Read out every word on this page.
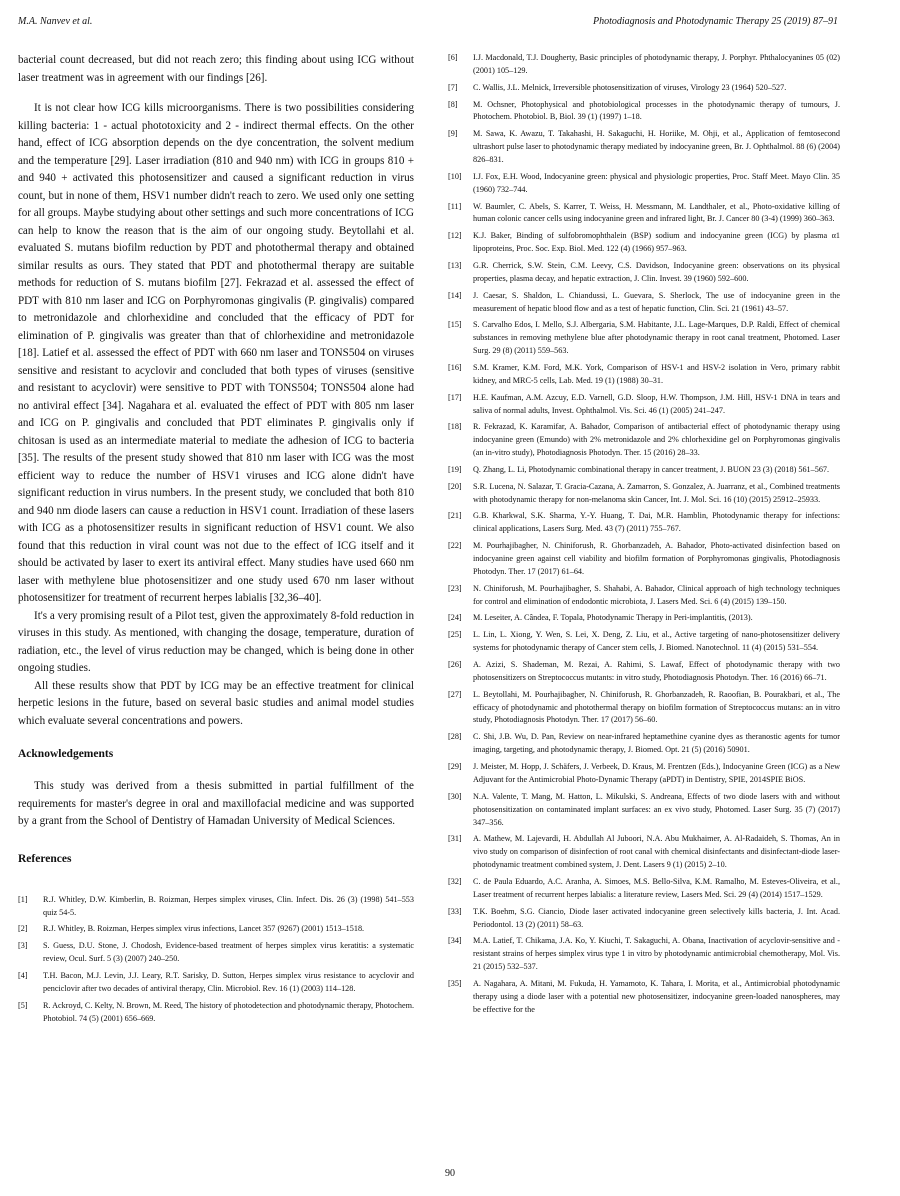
M.A. Nanvev et al.	Photodiagnosis and Photodynamic Therapy 25 (2019) 87–91

bacterial count decreased, but did not reach zero; this finding about using ICG without laser treatment was in agreement with our findings [26].

It is not clear how ICG kills microorganisms. There is two possibilities considering killing bacteria: 1 - actual phototoxicity and 2 - indirect thermal effects. On the other hand, effect of ICG absorption depends on the dye concentration, the solvent medium and the temperature [29]. Laser irradiation (810 and 940 nm) with ICG in groups 810 + and 940 + activated this photosensitizer and caused a significant reduction in virus count, but in none of them, HSV1 number didn't reach to zero. We used only one setting for all groups. Maybe studying about other settings and such more concentrations of ICG can help to know the reason that is the aim of our ongoing study. Beytollahi et al. evaluated S. mutans biofilm reduction by PDT and photothermal therapy and obtained similar results as ours. They stated that PDT and photothermal therapy are suitable methods for reduction of S. mutans biofilm [27]. Fekrazad et al. assessed the effect of PDT with 810 nm laser and ICG on Porphyromonas gingivalis (P. gingivalis) compared to metronidazole and chlorhexidine and concluded that the efficacy of PDT for elimination of P. gingivalis was greater than that of chlorhexidine and metronidazole [18]. Latief et al. assessed the effect of PDT with 660 nm laser and TONS504 on viruses sensitive and resistant to acyclovir and concluded that both types of viruses (sensitive and resistant to acyclovir) were sensitive to PDT with TONS504; TONS504 alone had no antiviral effect [34]. Nagahara et al. evaluated the effect of PDT with 805 nm laser and ICG on P. gingivalis and concluded that PDT eliminates P. gingivalis only if chitosan is used as an intermediate material to mediate the adhesion of ICG to bacteria [35]. The results of the present study showed that 810 nm laser with ICG was the most efficient way to reduce the number of HSV1 viruses and ICG alone didn't have significant reduction in virus numbers. In the present study, we concluded that both 810 and 940 nm diode lasers can cause a reduction in HSV1 count. Irradiation of these lasers with ICG as a photosensitizer results in significant reduction of HSV1 count. We also found that this reduction in viral count was not due to the effect of ICG itself and it should be activated by laser to exert its antiviral effect. Many studies have used 660 nm laser with methylene blue photosensitizer and one study used 670 nm laser without photosensitizer for treatment of recurrent herpes labialis [32,36–40].

It's a very promising result of a Pilot test, given the approximately 8-fold reduction in viruses in this study. As mentioned, with changing the dosage, temperature, duration of radiation, etc., the level of virus reduction may be changed, which is being done in other ongoing studies.

All these results show that PDT by ICG may be an effective treatment for clinical herpetic lesions in the future, based on several basic studies and animal model studies which evaluate several concentrations and powers.

Acknowledgements

This study was derived from a thesis submitted in partial fulfillment of the requirements for master's degree in oral and maxillofacial medicine and was supported by a grant from the School of Dentistry of Hamadan University of Medical Sciences.

References
[1]	R.J. Whitley, D.W. Kimberlin, B. Roizman, Herpes simplex viruses, Clin. Infect. Dis. 26 (3) (1998) 541–553 quiz 54-5.
[2]	R.J. Whitley, B. Roizman, Herpes simplex virus infections, Lancet 357 (9267) (2001) 1513–1518.
[3]	S. Guess, D.U. Stone, J. Chodosh, Evidence-based treatment of herpes simplex virus keratitis: a systematic review, Ocul. Surf. 5 (3) (2007) 240–250.
[4]	T.H. Bacon, M.J. Levin, J.J. Leary, R.T. Sarisky, D. Sutton, Herpes simplex virus resistance to acyclovir and penciclovir after two decades of antiviral therapy, Clin. Microbiol. Rev. 16 (1) (2003) 114–128.
[5]	R. Ackroyd, C. Kelty, N. Brown, M. Reed, The history of photodetection and photodynamic therapy, Photochem. Photobiol. 74 (5) (2001) 656–669.
[6]	I.J. Macdonald, T.J. Dougherty, Basic principles of photodynamic therapy, J. Porphyr. Phthalocyanines 05 (02) (2001) 105–129.
[7]	C. Wallis, J.L. Melnick, Irreversible photosensitization of viruses, Virology 23 (1964) 520–527.
[8]	M. Ochsner, Photophysical and photobiological processes in the photodynamic therapy of tumours, J. Photochem. Photobiol. B, Biol. 39 (1) (1997) 1–18.
[9]	M. Sawa, K. Awazu, T. Takahashi, H. Sakaguchi, H. Horiike, M. Ohji, et al., Application of femtosecond ultrashort pulse laser to photodynamic therapy mediated by indocyanine green, Br. J. Ophthalmol. 88 (6) (2004) 826–831.
[10]	I.J. Fox, E.H. Wood, Indocyanine green: physical and physiologic properties, Proc. Staff Meet. Mayo Clin. 35 (1960) 732–744.
[11]	W. Baumler, C. Abels, S. Karrer, T. Weiss, H. Messmann, M. Landthaler, et al., Photo-oxidative killing of human colonic cancer cells using indocyanine green and infrared light, Br. J. Cancer 80 (3-4) (1999) 360–363.
[12]	K.J. Baker, Binding of sulfobromophthalein (BSP) sodium and indocyanine green (ICG) by plasma α1 lipoproteins, Proc. Soc. Exp. Biol. Med. 122 (4) (1966) 957–963.
[13]	G.R. Cherrick, S.W. Stein, C.M. Leevy, C.S. Davidson, Indocyanine green: observations on its physical properties, plasma decay, and hepatic extraction, J. Clin. Invest. 39 (1960) 592–600.
[14]	J. Caesar, S. Shaldon, L. Chiandussi, L. Guevara, S. Sherlock, The use of indocyanine green in the measurement of hepatic blood flow and as a test of hepatic function, Clin. Sci. 21 (1961) 43–57.
[15]	S. Carvalho Edos, I. Mello, S.J. Albergaria, S.M. Habitante, J.L. Lage-Marques, D.P. Raldi, Effect of chemical substances in removing methylene blue after photodynamic therapy in root canal treatment, Photomed. Laser Surg. 29 (8) (2011) 559–563.
[16]	S.M. Kramer, K.M. Ford, M.K. York, Comparison of HSV-1 and HSV-2 isolation in Vero, primary rabbit kidney, and MRC-5 cells, Lab. Med. 19 (1) (1988) 30–31.
[17]	H.E. Kaufman, A.M. Azcuy, E.D. Varnell, G.D. Sloop, H.W. Thompson, J.M. Hill, HSV-1 DNA in tears and saliva of normal adults, Invest. Ophthalmol. Vis. Sci. 46 (1) (2005) 241–247.
[18]	R. Fekrazad, K. Karamifar, A. Bahador, Comparison of antibacterial effect of photodynamic therapy using indocyanine green (Emundo) with 2% metronidazole and 2% chlorhexidine gel on Porphyromonas gingivalis (an in-vitro study), Photodiagnosis Photodyn. Ther. 15 (2016) 28–33.
[19]	Q. Zhang, L. Li, Photodynamic combinational therapy in cancer treatment, J. BUON 23 (3) (2018) 561–567.
[20]	S.R. Lucena, N. Salazar, T. Gracia-Cazana, A. Zamarron, S. Gonzalez, A. Juarranz, et al., Combined treatments with photodynamic therapy for non-melanoma skin Cancer, Int. J. Mol. Sci. 16 (10) (2015) 25912–25933.
[21]	G.B. Kharkwal, S.K. Sharma, Y.-Y. Huang, T. Dai, M.R. Hamblin, Photodynamic therapy for infections: clinical applications, Lasers Surg. Med. 43 (7) (2011) 755–767.
[22]	M. Pourhajibagher, N. Chiniforush, R. Ghorbanzadeh, A. Bahador, Photo-activated disinfection based on indocyanine green against cell viability and biofilm formation of Porphyromonas gingivalis, Photodiagnosis Photodyn. Ther. 17 (2017) 61–64.
[23]	N. Chiniforush, M. Pourhajibagher, S. Shahabi, A. Bahador, Clinical approach of high technology techniques for control and elimination of endodontic microbiota, J. Lasers Med. Sci. 6 (4) (2015) 139–150.
[24]	M. Leseiter, A. Cândea, F. Topala, Photodynamic Therapy in Peri-implantitis, (2013).
[25]	L. Lin, L. Xiong, Y. Wen, S. Lei, X. Deng, Z. Liu, et al., Active targeting of nano-photosensitizer delivery systems for photodynamic therapy of Cancer stem cells, J. Biomed. Nanotechnol. 11 (4) (2015) 531–554.
[26]	A. Azizi, S. Shademan, M. Rezai, A. Rahimi, S. Lawaf, Effect of photodynamic therapy with two photosensitizers on Streptococcus mutants: in vitro study, Photodiagnosis Photodyn. Ther. 16 (2016) 66–71.
[27]	L. Beytollahi, M. Pourhajibagher, N. Chiniforush, R. Ghorbanzadeh, R. Raoofian, B. Pourakbari, et al., The efficacy of photodynamic and photothermal therapy on biofilm formation of Streptococcus mutans: an in vitro study, Photodiagnosis Photodyn. Ther. 17 (2017) 56–60.
[28]	C. Shi, J.B. Wu, D. Pan, Review on near-infrared heptamethine cyanine dyes as theranostic agents for tumor imaging, targeting, and photodynamic therapy, J. Biomed. Opt. 21 (5) (2016) 50901.
[29]	J. Meister, M. Hopp, J. Schäfers, J. Verbeek, D. Kraus, M. Frentzen (Eds.), Indocyanine Green (ICG) as a New Adjuvant for the Antimicrobial Photo-Dynamic Therapy (aPDT) in Dentistry, SPIE, 2014SPIE BiOS.
[30]	N.A. Valente, T. Mang, M. Hatton, L. Mikulski, S. Andreana, Effects of two diode lasers with and without photosensitization on contaminated implant surfaces: an ex vivo study, Photomed. Laser Surg. 35 (7) (2017) 347–356.
[31]	A. Mathew, M. Lajevardi, H. Abdullah Al Juboori, N.A. Abu Mukhaimer, A. Al-Radaideh, S. Thomas, An in vivo study on comparison of disinfection of root canal with chemical disinfectants and disinfectant-diode laser-photodynamic treatment combined system, J. Dent. Lasers 9 (1) (2015) 2–10.
[32]	C. de Paula Eduardo, A.C. Aranha, A. Simoes, M.S. Bello-Silva, K.M. Ramalho, M. Esteves-Oliveira, et al., Laser treatment of recurrent herpes labialis: a literature review, Lasers Med. Sci. 29 (4) (2014) 1517–1529.
[33]	T.K. Boehm, S.G. Ciancio, Diode laser activated indocyanine green selectively kills bacteria, J. Int. Acad. Periodontol. 13 (2) (2011) 58–63.
[34]	M.A. Latief, T. Chikama, J.A. Ko, Y. Kiuchi, T. Sakaguchi, A. Obana, Inactivation of acyclovir-sensitive and -resistant strains of herpes simplex virus type 1 in vitro by photodynamic antimicrobial chemotherapy, Mol. Vis. 21 (2015) 532–537.
[35]	A. Nagahara, A. Mitani, M. Fukuda, H. Yamamoto, K. Tahara, I. Morita, et al., Antimicrobial photodynamic therapy using a diode laser with a potential new photosensitizer, indocyanine green-loaded nanospheres, may be effective for the
90
